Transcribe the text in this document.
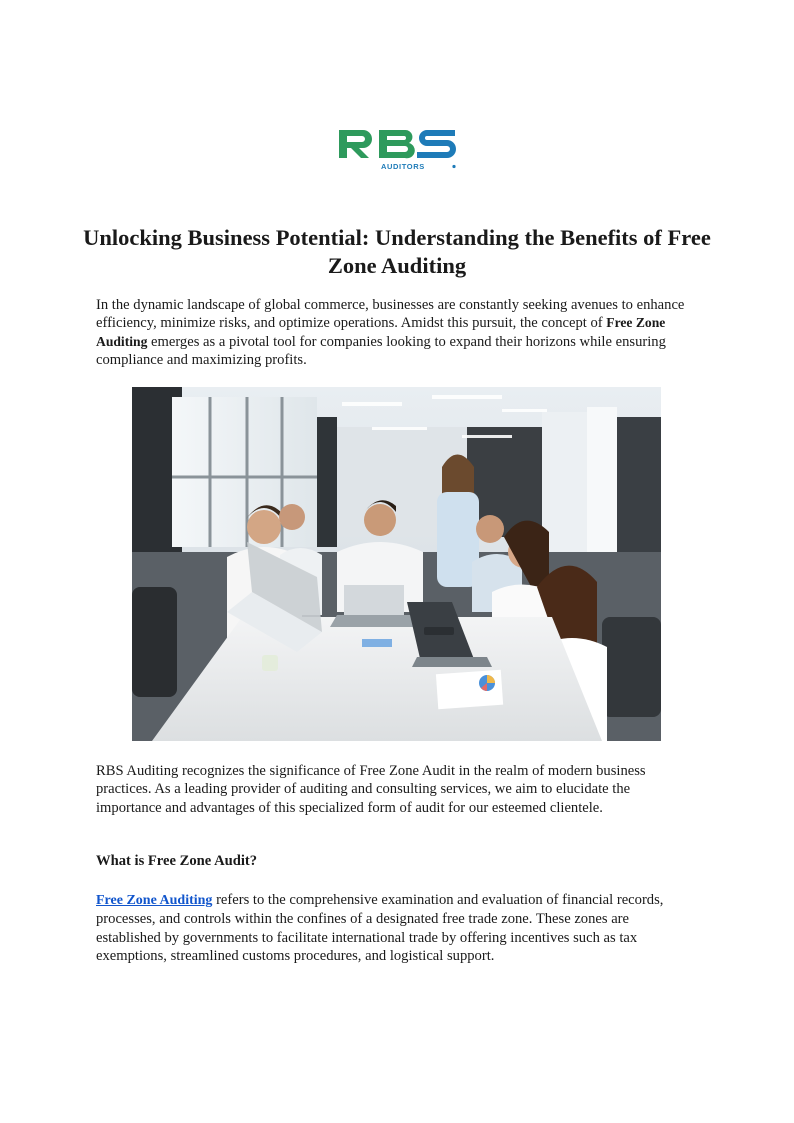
AUDITORS
Unlocking Business Potential: Understanding the Benefits of Free Zone Auditing

In the dynamic landscape of global commerce, businesses are constantly seeking avenues to enhance efficiency, minimize risks, and optimize operations. Amidst this pursuit, the concept of Free Zone Auditing emerges as a pivotal tool for companies looking to expand their horizons while ensuring compliance and maximizing profits.

RBS Auditing recognizes the significance of Free Zone Audit in the realm of modern business practices. As a leading provider of auditing and consulting services, we aim to elucidate the importance and advantages of this specialized form of audit for our esteemed clientele.

What is Free Zone Audit?

Free Zone Auditing refers to the comprehensive examination and evaluation of financial records, processes, and controls within the confines of a designated free trade zone. These zones are established by governments to facilitate international trade by offering incentives such as tax exemptions, streamlined customs procedures, and logistical support.
